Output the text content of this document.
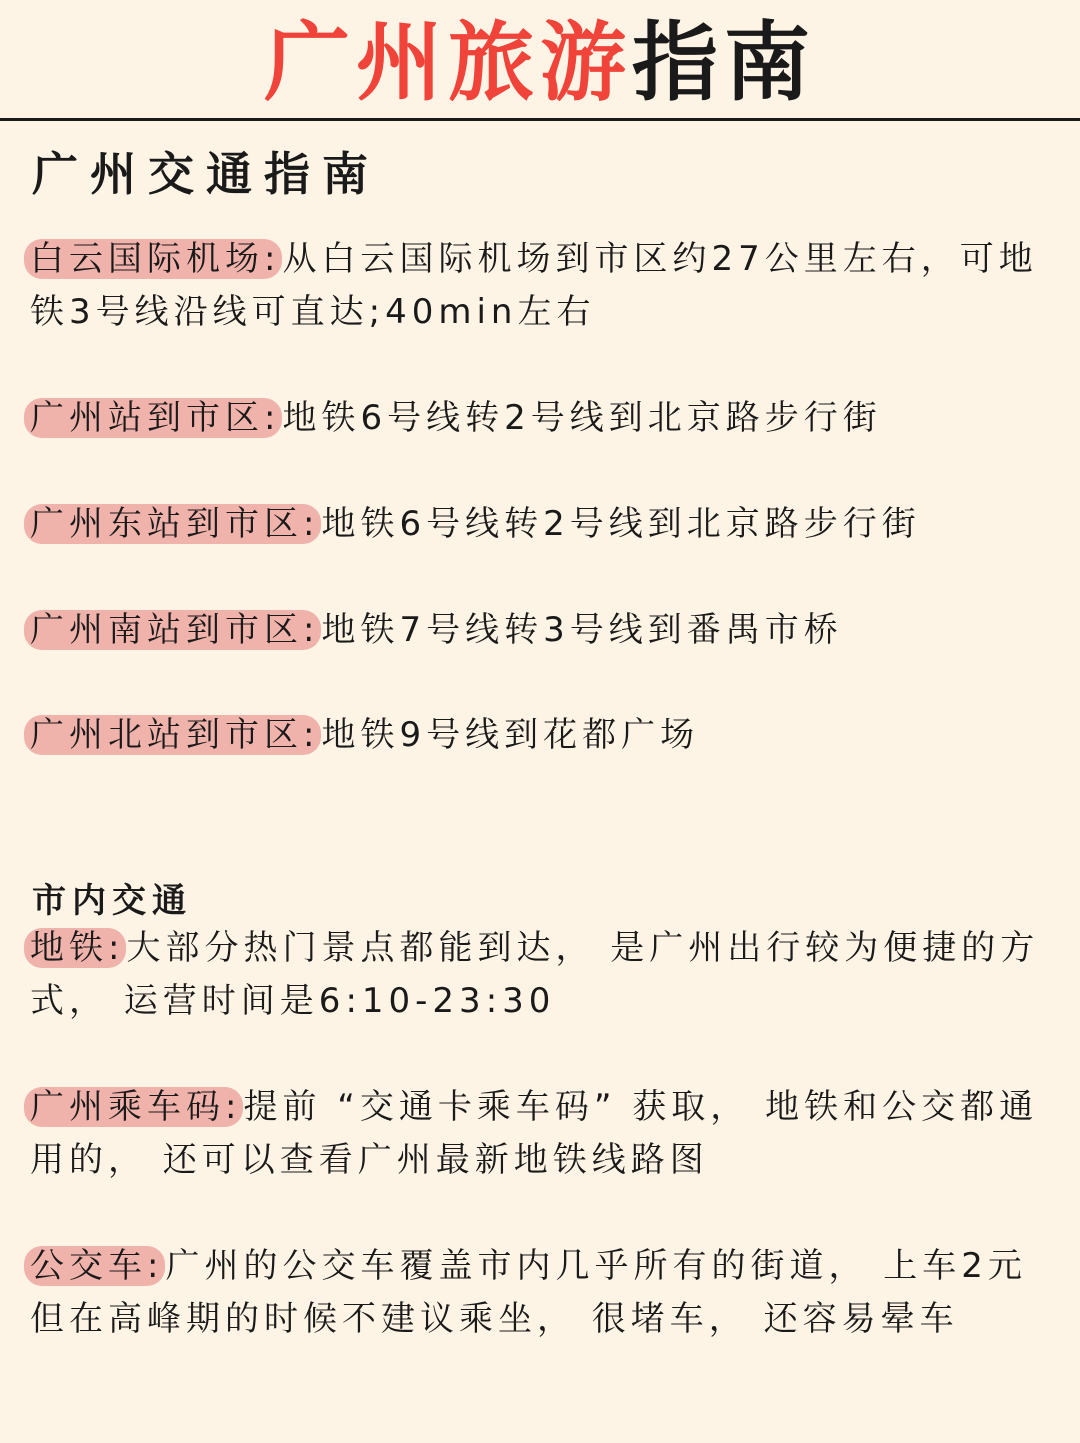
广州旅游指南
广州交通指南
白云国际机场:从白云国际机场到市区约27公里左右，可地铁3号线沿线可直达;40min左右
广州站到市区:地铁6号线转2号线到北京路步行街
广州东站到市区:地铁6号线转2号线到北京路步行街
广州南站到市区:地铁7号线转3号线到番禺市桥
广州北站到市区:地铁9号线到花都广场
市内交通
地铁:大部分热门景点都能到达， 是广州出行较为便捷的方式， 运营时间是6:10-23:30
广州乘车码:提前 “交通卡乘车码” 获取， 地铁和公交都通用的， 还可以查看广州最新地铁线路图
公交车:广州的公交车覆盖市内几乎所有的街道， 上车2元但在高峰期的时候不建议乘坐， 很堵车， 还容易晕车
